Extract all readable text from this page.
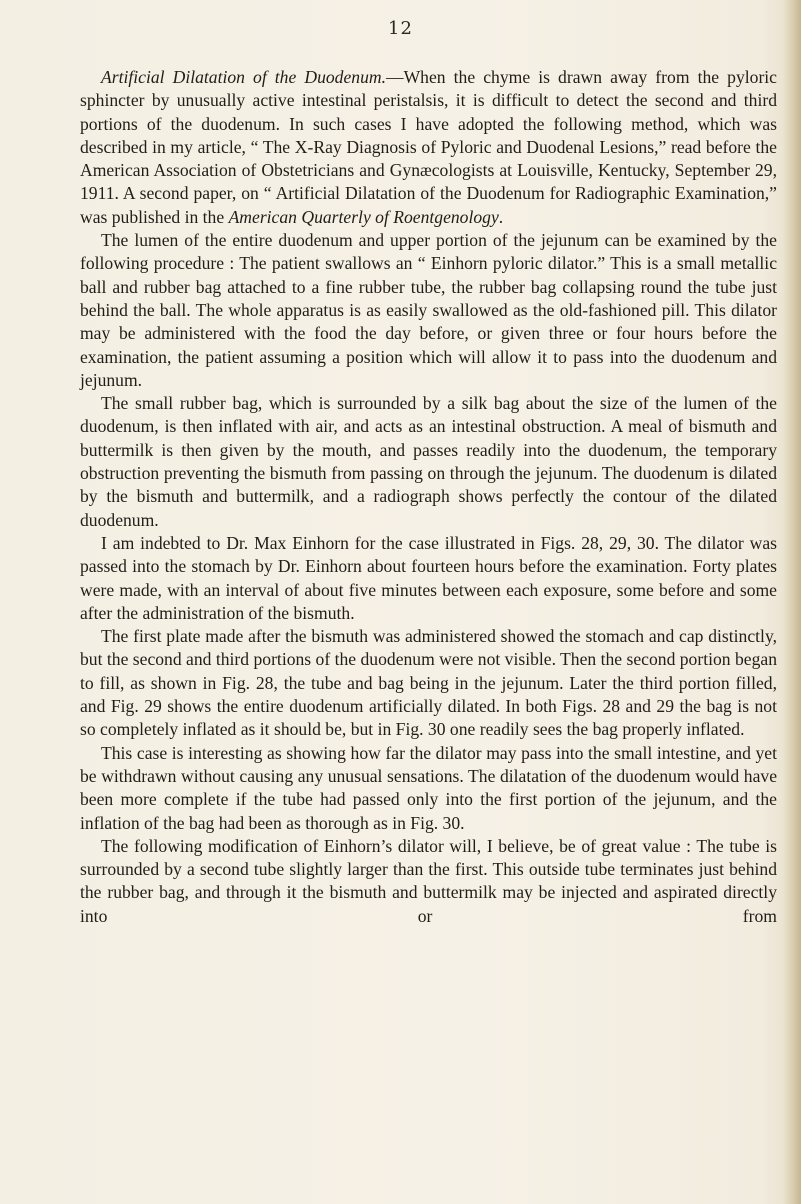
12

Artificial Dilatation of the Duodenum.—When the chyme is drawn away from the pyloric sphincter by unusually active intestinal peristalsis, it is difficult to detect the second and third portions of the duodenum. In such cases I have adopted the following method, which was described in my article, “ The X-Ray Diagnosis of Pyloric and Duodenal Lesions,” read before the American Association of Obstetricians and Gynæcologists at Louisville, Kentucky, September 29, 1911. A second paper, on “ Artificial Dilatation of the Duodenum for Radiographic Examination,” was published in the American Quarterly of Roentgenology.

The lumen of the entire duodenum and upper portion of the jejunum can be examined by the following procedure : The patient swallows an “ Einhorn pyloric dilator.” This is a small metallic ball and rubber bag attached to a fine rubber tube, the rubber bag collapsing round the tube just behind the ball. The whole apparatus is as easily swallowed as the old-fashioned pill. This dilator may be administered with the food the day before, or given three or four hours before the examination, the patient assuming a position which will allow it to pass into the duodenum and jejunum.

The small rubber bag, which is surrounded by a silk bag about the size of the lumen of the duodenum, is then inflated with air, and acts as an intestinal obstruction. A meal of bismuth and buttermilk is then given by the mouth, and passes readily into the duodenum, the temporary obstruction preventing the bismuth from passing on through the jejunum. The duodenum is dilated by the bismuth and buttermilk, and a radiograph shows perfectly the contour of the dilated duodenum.

I am indebted to Dr. Max Einhorn for the case illustrated in Figs. 28, 29, 30. The dilator was passed into the stomach by Dr. Einhorn about fourteen hours before the examination. Forty plates were made, with an interval of about five minutes between each exposure, some before and some after the administration of the bismuth.

The first plate made after the bismuth was administered showed the stomach and cap distinctly, but the second and third portions of the duodenum were not visible. Then the second portion began to fill, as shown in Fig. 28, the tube and bag being in the jejunum. Later the third portion filled, and Fig. 29 shows the entire duodenum artificially dilated. In both Figs. 28 and 29 the bag is not so completely inflated as it should be, but in Fig. 30 one readily sees the bag properly inflated.

This case is interesting as showing how far the dilator may pass into the small intestine, and yet be withdrawn without causing any unusual sensations. The dilatation of the duodenum would have been more complete if the tube had passed only into the first portion of the jejunum, and the inflation of the bag had been as thorough as in Fig. 30.

The following modification of Einhorn’s dilator will, I believe, be of great value : The tube is surrounded by a second tube slightly larger than the first. This outside tube terminates just behind the rubber bag, and through it the bismuth and buttermilk may be injected and aspirated directly into or from
